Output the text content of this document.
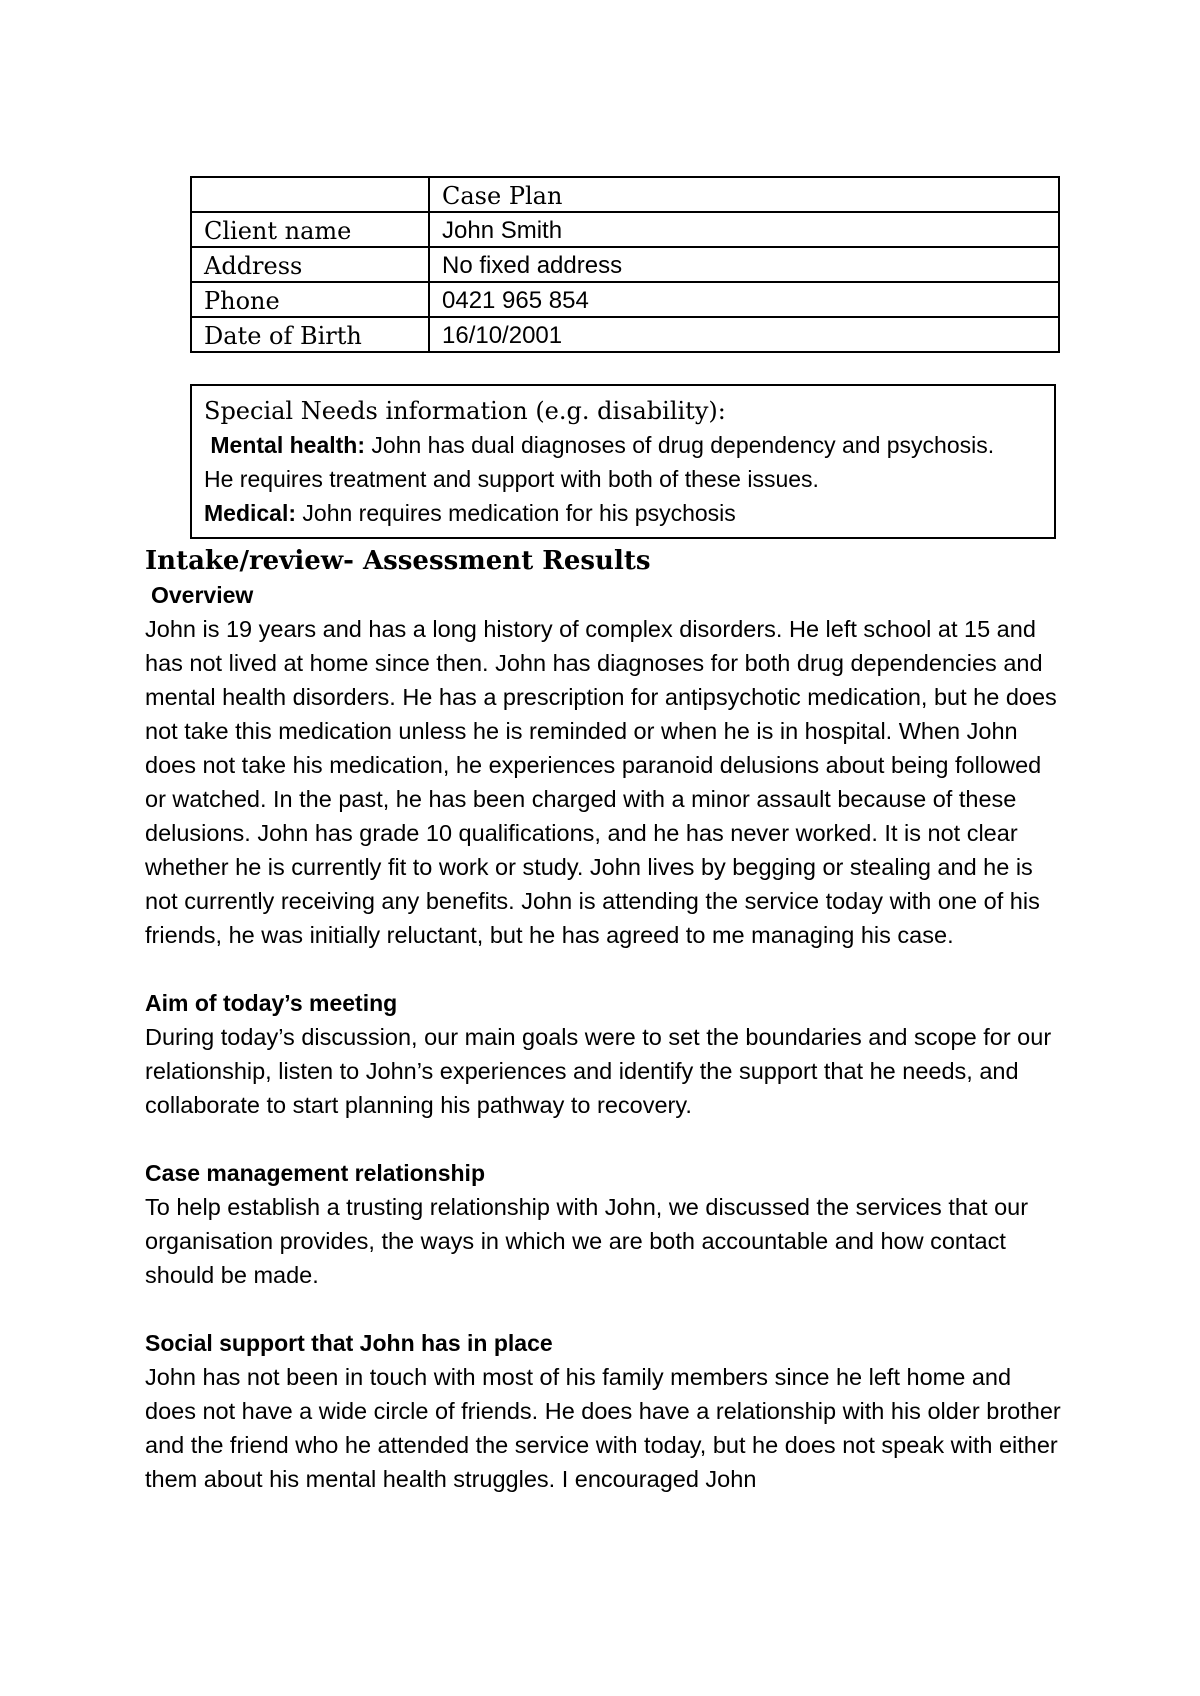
	Case Plan
Client name	John Smith
Address	No fixed address
Phone	0421 965 854
Date of Birth	16/10/2001
Special Needs information (e.g. disability):
Mental health: John has dual diagnoses of drug dependency and psychosis.
He requires treatment and support with both of these issues.
Medical: John requires medication for his psychosis
Intake/review- Assessment Results
Overview

John is 19 years and has a long history of complex disorders. He left school at 15 and has not lived at home since then. John has diagnoses for both drug dependencies and mental health disorders. He has a prescription for antipsychotic medication, but he does not take this medication unless he is reminded or when he is in hospital. When John does not take his medication, he experiences paranoid delusions about being followed or watched. In the past, he has been charged with a minor assault because of these delusions. John has grade 10 qualifications, and he has never worked. It is not clear whether he is currently fit to work or study. John lives by begging or stealing and he is not currently receiving any benefits. John is attending the service today with one of his friends, he was initially reluctant, but he has agreed to me managing his case.

Aim of today’s meeting

During today’s discussion, our main goals were to set the boundaries and scope for our relationship, listen to John’s experiences and identify the support that he needs, and collaborate to start planning his pathway to recovery.

Case management relationship

To help establish a trusting relationship with John, we discussed the services that our organisation provides, the ways in which we are both accountable and how contact should be made.

Social support that John has in place

John has not been in touch with most of his family members since he left home and does not have a wide circle of friends. He does have a relationship with his older brother and the friend who he attended the service with today, but he does not speak with either them about his mental health struggles. I encouraged John
